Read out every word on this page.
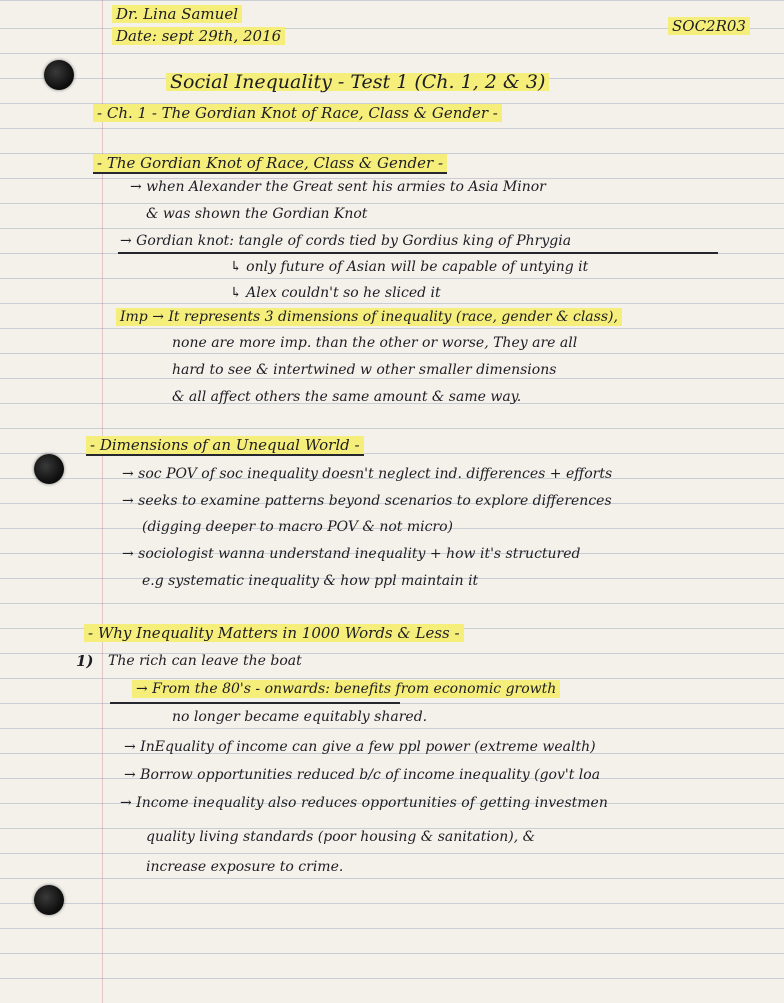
Dr. Lina Samuel
Date: sept 29th, 2016
SOC2R03
Social Inequality - Test 1 (Ch. 1, 2 & 3)
- Ch. 1 - The Gordian Knot of Race, Class & Gender -
- The Gordian Knot of Race, Class & Gender -
→ when Alexander the Great sent his armies to Asia Minor
& was shown the Gordian Knot
→ Gordian knot: tangle of cords tied by Gordius king of Phrygia
↳ only future of Asian will be capable of untying it
↳ Alex couldn't so he sliced it
Imp → It represents 3 dimensions of inequality (race, gender & class),
none are more imp. than the other or worse, They are all
hard to see & intertwined w other smaller dimensions
& all affect others the same amount & same way.
- Dimensions of an Unequal World -
→ soc POV of soc inequality doesn't neglect ind. differences + efforts
→ seeks to examine patterns beyond scenarios to explore differences
(digging deeper to macro POV & not micro)
→ sociologist wanna understand inequality + how it's structured
e.g systematic inequality & how ppl maintain it
- Why Inequality Matters in 1000 Words & Less -
1) The rich can leave the boat
→ From the 80's - onwards: benefits from economic growth
no longer became equitably shared.
→ InEquality of income can give a few ppl power (extreme wealth)
→ Borrow opportunities reduced b/c of income inequality (gov't loa
→ Income inequality also reduces opportunities of getting investmen
quality living standards (poor housing & sanitation), &
increase exposure to crime.
